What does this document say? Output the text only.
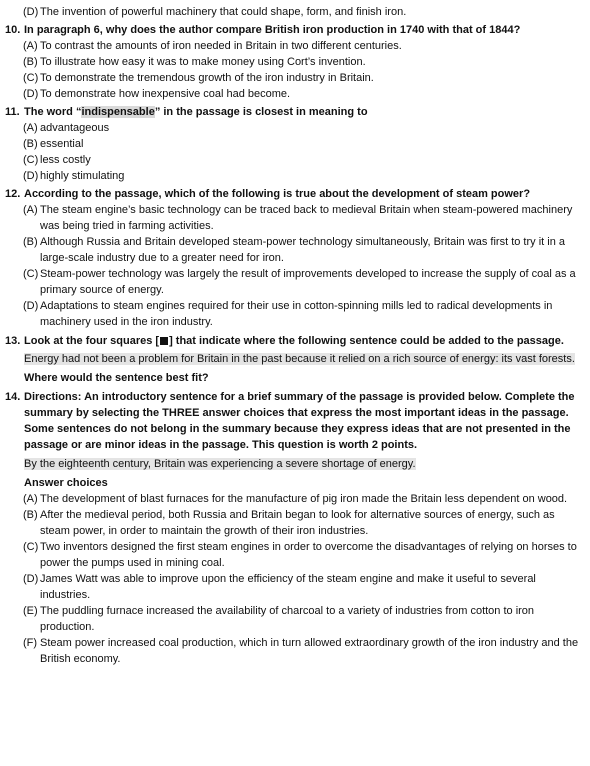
(D) The invention of powerful machinery that could shape, form, and finish iron.
10. In paragraph 6, why does the author compare British iron production in 1740 with that of 1844?
(A) To contrast the amounts of iron needed in Britain in two different centuries.
(B) To illustrate how easy it was to make money using Cort’s invention.
(C) To demonstrate the tremendous growth of the iron industry in Britain.
(D) To demonstrate how inexpensive coal had become.
11. The word “indispensable” in the passage is closest in meaning to
(A) advantageous
(B) essential
(C) less costly
(D) highly stimulating
12. According to the passage, which of the following is true about the development of steam power?
(A) The steam engine’s basic technology can be traced back to medieval Britain when steam-powered machinery was being tried in farming activities.
(B) Although Russia and Britain developed steam-power technology simultaneously, Britain was first to try it in a large-scale industry due to a greater need for iron.
(C) Steam-power technology was largely the result of improvements developed to increase the supply of coal as a primary source of energy.
(D) Adaptations to steam engines required for their use in cotton-spinning mills led to radical developments in machinery used in the iron industry.
13. Look at the four squares [ ] that indicate where the following sentence could be added to the passage.
Energy had not been a problem for Britain in the past because it relied on a rich source of energy: its vast forests.
Where would the sentence best fit?
14. Directions: An introductory sentence for a brief summary of the passage is provided below. Complete the summary by selecting the THREE answer choices that express the most important ideas in the passage. Some sentences do not belong in the summary because they express ideas that are not presented in the passage or are minor ideas in the passage. This question is worth 2 points.
By the eighteenth century, Britain was experiencing a severe shortage of energy.
Answer choices
(A) The development of blast furnaces for the manufacture of pig iron made the Britain less dependent on wood.
(B) After the medieval period, both Russia and Britain began to look for alternative sources of energy, such as steam power, in order to maintain the growth of their iron industries.
(C) Two inventors designed the first steam engines in order to overcome the disadvantages of relying on horses to power the pumps used in mining coal.
(D) James Watt was able to improve upon the efficiency of the steam engine and make it useful to several industries.
(E) The puddling furnace increased the availability of charcoal to a variety of industries from cotton to iron production.
(F) Steam power increased coal production, which in turn allowed extraordinary growth of the iron industry and the British economy.
